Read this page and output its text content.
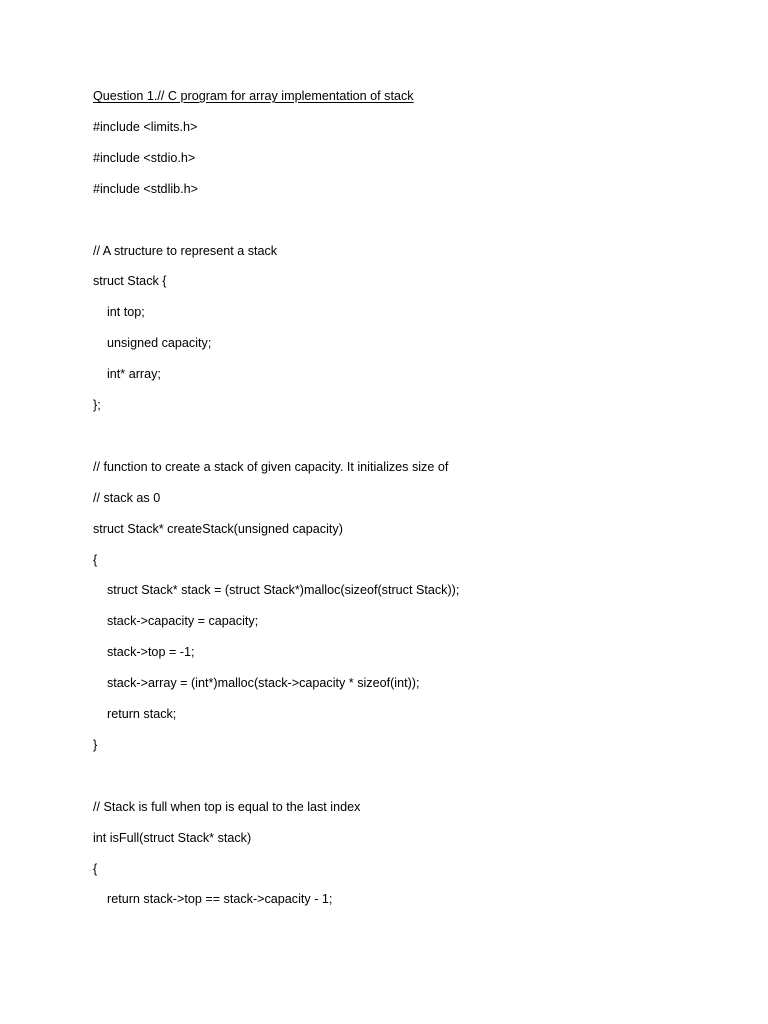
Question 1.// C program for array implementation of stack
#include <limits.h>
#include <stdio.h>
#include <stdlib.h>
// A structure to represent a stack
struct Stack {
int top;
unsigned capacity;
int* array;
};
// function to create a stack of given capacity. It initializes size of
// stack as 0
struct Stack* createStack(unsigned capacity)
{
struct Stack* stack = (struct Stack*)malloc(sizeof(struct Stack));
stack->capacity = capacity;
stack->top = -1;
stack->array = (int*)malloc(stack->capacity * sizeof(int));
return stack;
}
// Stack is full when top is equal to the last index
int isFull(struct Stack* stack)
{
return stack->top == stack->capacity - 1;
